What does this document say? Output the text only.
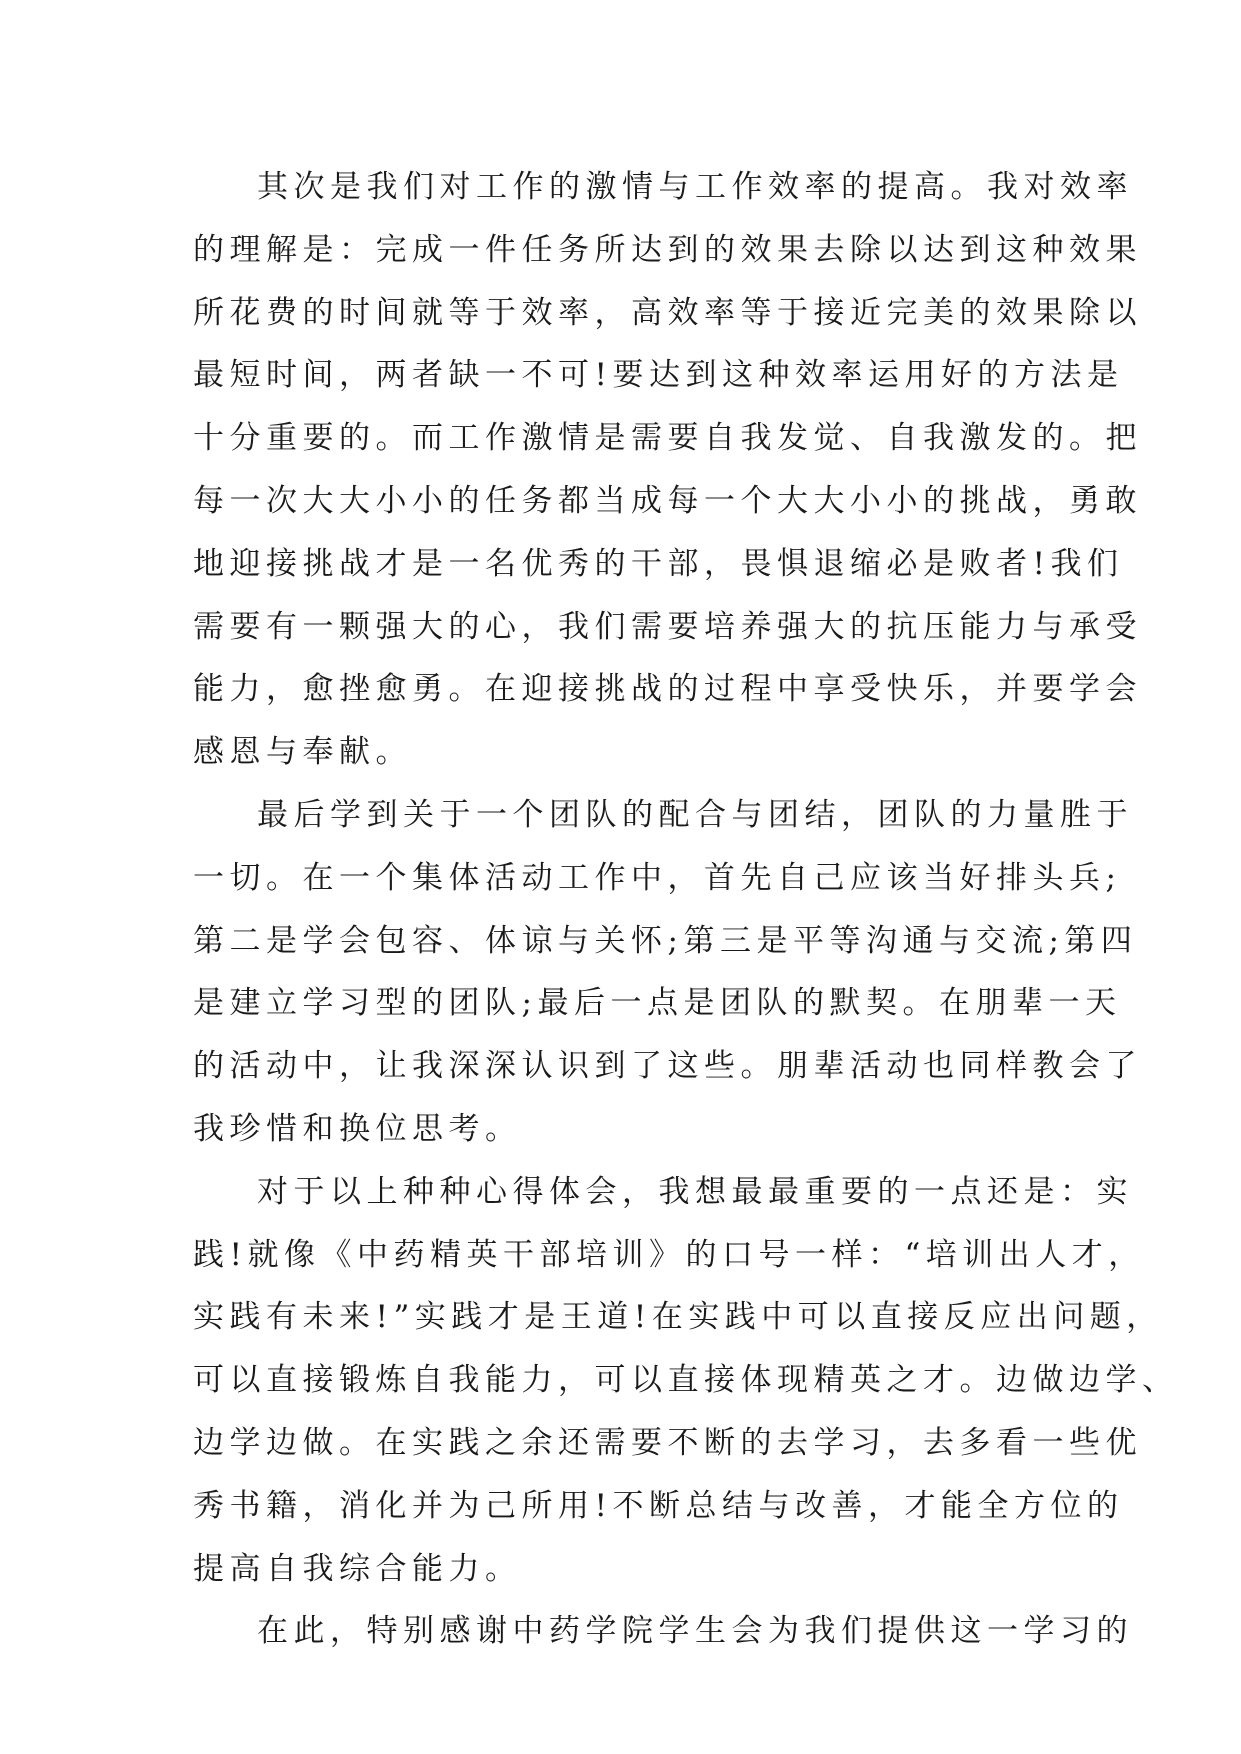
其次是我们对工作的激情与工作效率的提高。我对效率
的理解是：完成一件任务所达到的效果去除以达到这种效果
所花费的时间就等于效率，高效率等于接近完美的效果除以
最短时间，两者缺一不可!要达到这种效率运用好的方法是
十分重要的。而工作激情是需要自我发觉、自我激发的。把
每一次大大小小的任务都当成每一个大大小小的挑战，勇敢
地迎接挑战才是一名优秀的干部，畏惧退缩必是败者!我们
需要有一颗强大的心，我们需要培养强大的抗压能力与承受
能力，愈挫愈勇。在迎接挑战的过程中享受快乐，并要学会
感恩与奉献。
最后学到关于一个团队的配合与团结，团队的力量胜于
一切。在一个集体活动工作中，首先自己应该当好排头兵;
第二是学会包容、体谅与关怀;第三是平等沟通与交流;第四
是建立学习型的团队;最后一点是团队的默契。在朋辈一天
的活动中，让我深深认识到了这些。朋辈活动也同样教会了
我珍惜和换位思考。
对于以上种种心得体会，我想最最重要的一点还是：实
践!就像《中药精英干部培训》的口号一样：“培训出人才，
实践有未来!”实践才是王道!在实践中可以直接反应出问题，
可以直接锻炼自我能力，可以直接体现精英之才。边做边学、
边学边做。在实践之余还需要不断的去学习，去多看一些优
秀书籍，消化并为己所用!不断总结与改善，才能全方位的
提高自我综合能力。
在此，特别感谢中药学院学生会为我们提供这一学习的
